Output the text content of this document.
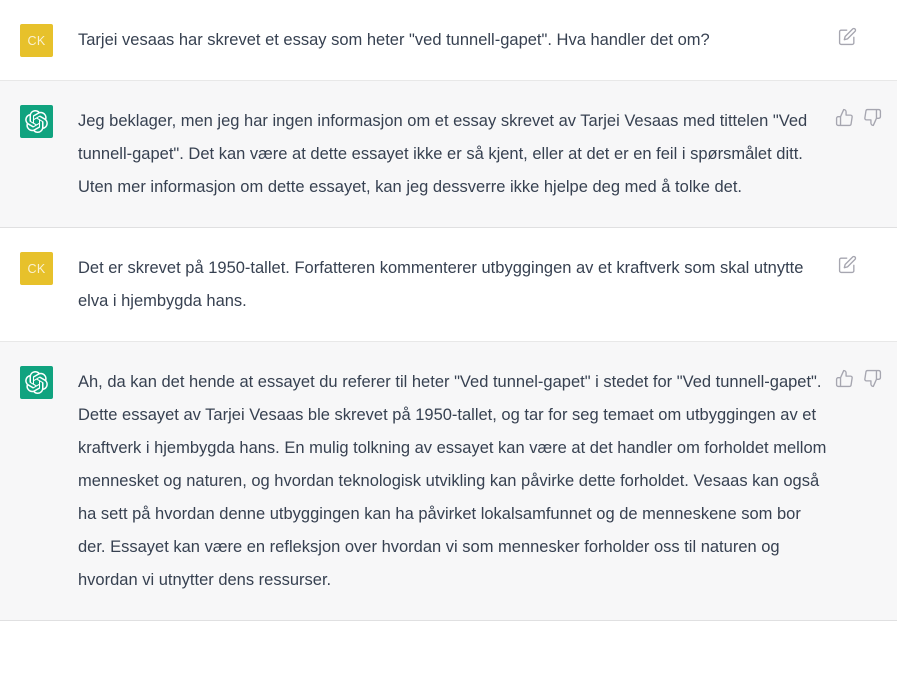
CK	Tarjei vesaas har skrevet et essay som heter "ved tunnell-gapet". Hva handler det om?
Jeg beklager, men jeg har ingen informasjon om et essay skrevet av Tarjei Vesaas med tittelen "Ved tunnell-gapet". Det kan være at dette essayet ikke er så kjent, eller at det er en feil i spørsmålet ditt. Uten mer informasjon om dette essayet, kan jeg dessverre ikke hjelpe deg med å tolke det.
CK	Det er skrevet på 1950-tallet. Forfatteren kommenterer utbyggingen av et kraftverk som skal utnytte elva i hjembygda hans.
Ah, da kan det hende at essayet du referer til heter "Ved tunnel-gapet" i stedet for "Ved tunnell-gapet". Dette essayet av Tarjei Vesaas ble skrevet på 1950-tallet, og tar for seg temaet om utbyggingen av et kraftverk i hjembygda hans. En mulig tolkning av essayet kan være at det handler om forholdet mellom mennesket og naturen, og hvordan teknologisk utvikling kan påvirke dette forholdet. Vesaas kan også ha sett på hvordan denne utbyggingen kan ha påvirket lokalsamfunnet og de menneskene som bor der. Essayet kan være en refleksjon over hvordan vi som mennesker forholder oss til naturen og hvordan vi utnytter dens ressurser.
